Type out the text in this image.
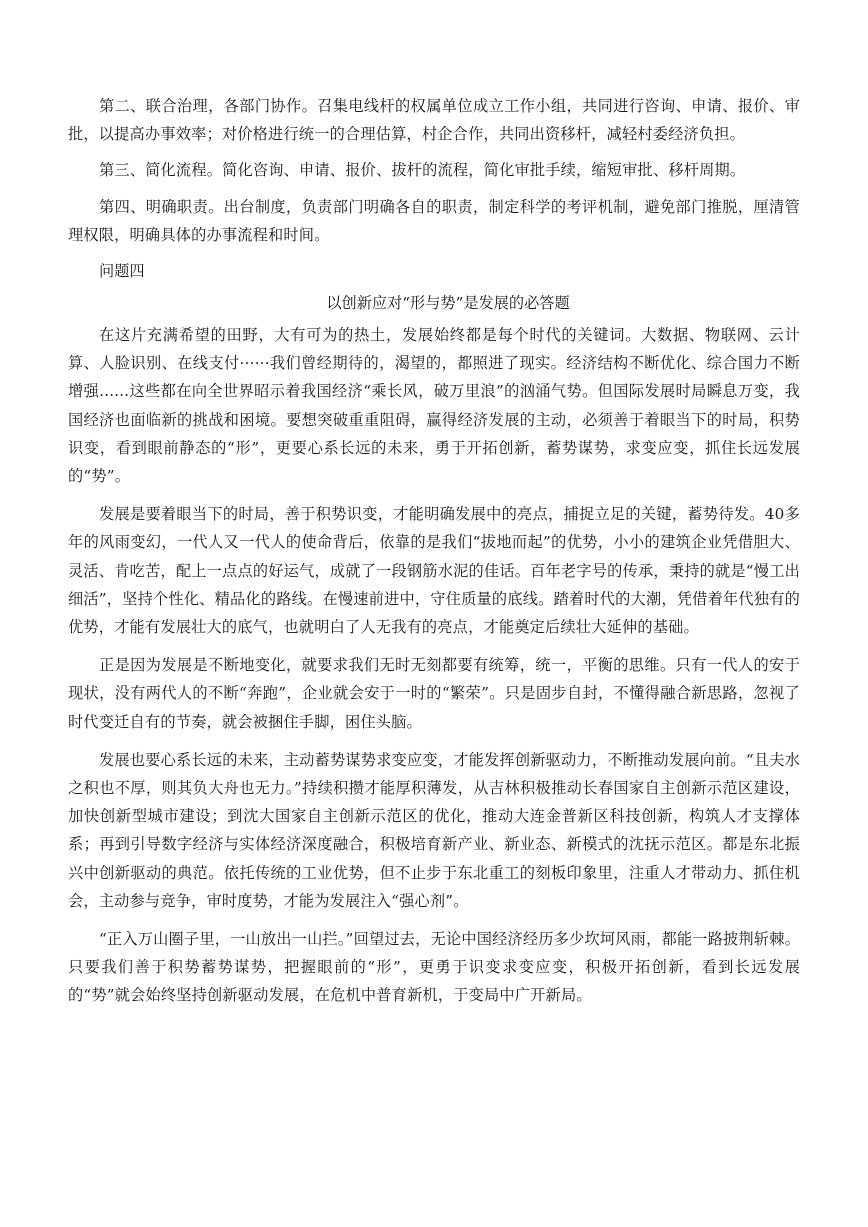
第二、联合治理，各部门协作。召集电线杆的权属单位成立工作小组，共同进行咨询、申请、报价、审批，以提高办事效率；对价格进行统一的合理估算，村企合作，共同出资移杆，减轻村委经济负担。

第三、简化流程。简化咨询、申请、报价、拔杆的流程，简化审批手续，缩短审批、移杆周期。

第四、明确职责。出台制度，负责部门明确各自的职责，制定科学的考评机制，避免部门推脱，厘清管理权限，明确具体的办事流程和时间。

问题四

以创新应对“形与势”是发展的必答题

在这片充满希望的田野，大有可为的热土，发展始终都是每个时代的关键词。大数据、物联网、云计算、人脸识别、在线支付······我们曾经期待的，渴望的，都照进了现实。经济结构不断优化、综合国力不断增强......这些都在向全世界昭示着我国经济“乘长风，破万里浪”的汹涌气势。但国际发展时局瞬息万变，我国经济也面临新的挑战和困境。要想突破重重阻碍，赢得经济发展的主动，必须善于着眼当下的时局，积势识变，看到眼前静态的“形”，更要心系长远的未来，勇于开拓创新，蓄势谋势，求变应变，抓住长远发展的“势”。

发展是要着眼当下的时局，善于积势识变，才能明确发展中的亮点，捕捉立足的关键，蓄势待发。40多年的风雨变幻，一代人又一代人的使命背后，依靠的是我们“拔地而起”的优势，小小的建筑企业凭借胆大、灵活、肯吃苦，配上一点点的好运气，成就了一段钢筋水泥的佳话。百年老字号的传承，秉持的就是“慢工出细活”，坚持个性化、精品化的路线。在慢速前进中，守住质量的底线。踏着时代的大潮，凭借着年代独有的优势，才能有发展壮大的底气，也就明白了人无我有的亮点，才能奠定后续壮大延伸的基础。

正是因为发展是不断地变化，就要求我们无时无刻都要有统筹，统一，平衡的思维。只有一代人的安于现状，没有两代人的不断“奔跑”，企业就会安于一时的“繁荣”。只是固步自封，不懂得融合新思路，忽视了时代变迁自有的节奏，就会被捆住手脚，困住头脑。

发展也要心系长远的未来，主动蓄势谋势求变应变，才能发挥创新驱动力，不断推动发展向前。“且夫水之积也不厚，则其负大舟也无力。”持续积攒才能厚积薄发，从吉林积极推动长春国家自主创新示范区建设，加快创新型城市建设；到沈大国家自主创新示范区的优化，推动大连金普新区科技创新，构筑人才支撑体系；再到引导数字经济与实体经济深度融合，积极培育新产业、新业态、新模式的沈抚示范区。都是东北振兴中创新驱动的典范。依托传统的工业优势，但不止步于东北重工的刻板印象里，注重人才带动力、抓住机会，主动参与竞争，审时度势，才能为发展注入“强心剂”。

“正入万山圈子里，一山放出一山拦。”回望过去，无论中国经济经历多少坎坷风雨，都能一路披荆斩棘。只要我们善于积势蓄势谋势，把握眼前的“形”，更勇于识变求变应变，积极开拓创新，看到长远发展的“势”就会始终坚持创新驱动发展，在危机中普育新机，于变局中广开新局。
